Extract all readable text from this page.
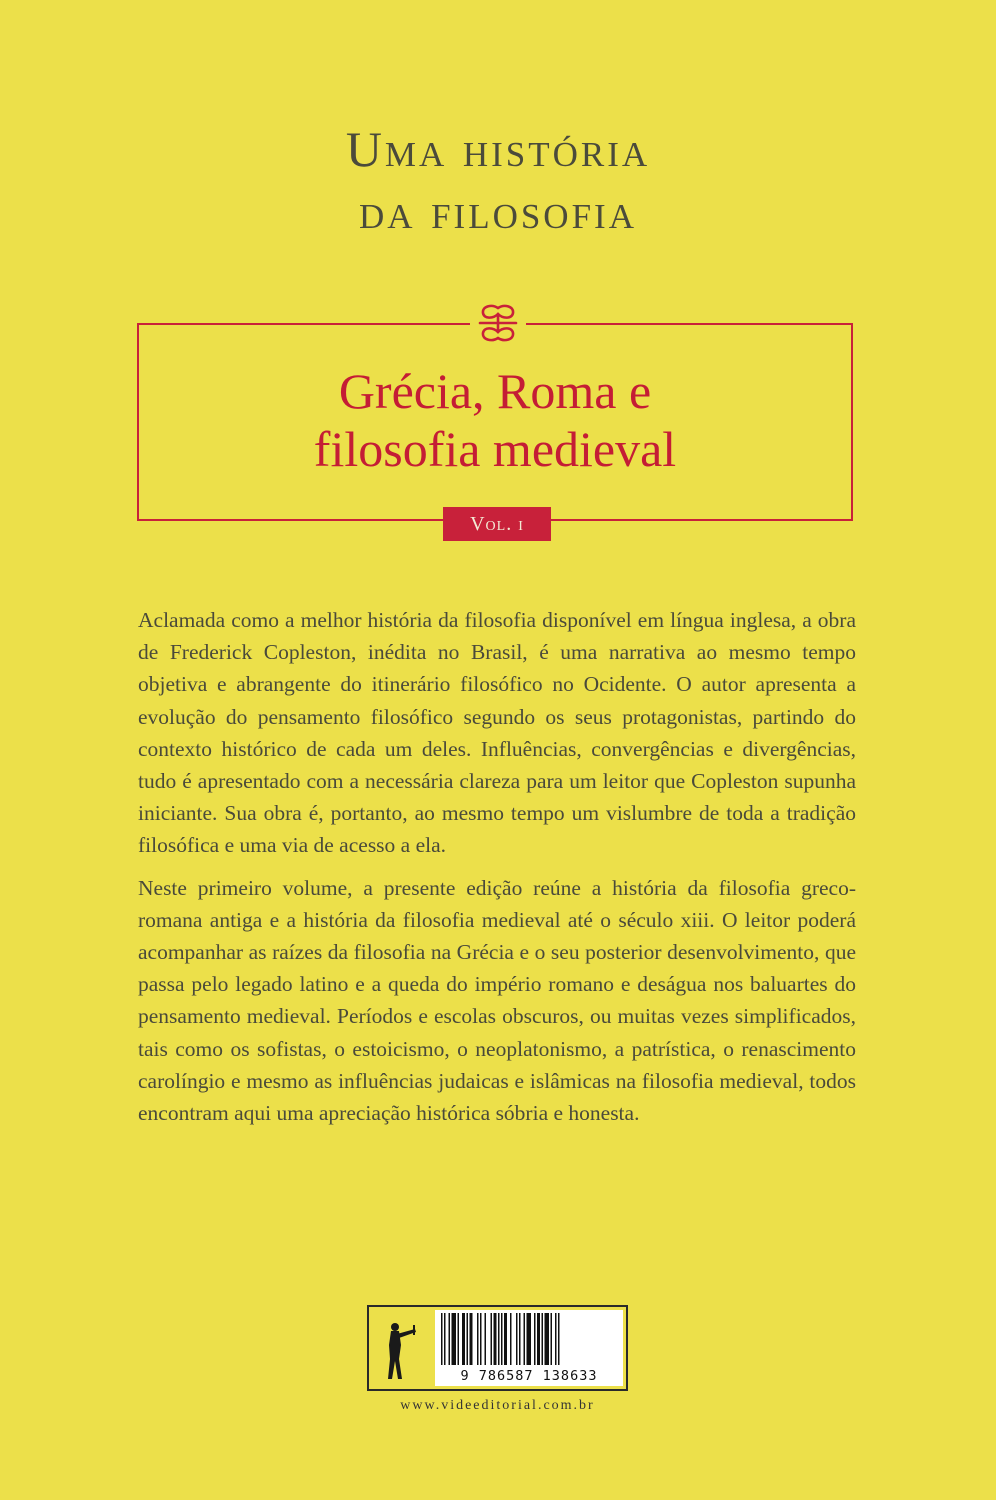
Uma história
da filosofia
Grécia, Roma e
filosofia medieval
Vol. i

Aclamada como a melhor história da filosofia disponível em língua inglesa, a obra de Frederick Copleston, inédita no Brasil, é uma narrativa ao mesmo tempo objetiva e abrangente do itinerário filosófico no Ocidente. O autor apresenta a evolução do pensamento filosófico segundo os seus protagonistas, partindo do contexto histórico de cada um deles. Influências, convergências e divergências, tudo é apresentado com a necessária clareza para um leitor que Copleston supunha iniciante. Sua obra é, portanto, ao mesmo tempo um vislumbre de toda a tradição filosófica e uma via de acesso a ela.

Neste primeiro volume, a presente edição reúne a história da filosofia greco-romana antiga e a história da filosofia medieval até o século xiii. O leitor poderá acompanhar as raízes da filosofia na Grécia e o seu posterior desenvolvimento, que passa pelo legado latino e a queda do império romano e deságua nos baluartes do pensamento medieval. Períodos e escolas obscuros, ou muitas vezes simplificados, tais como os sofistas, o estoicismo, o neoplatonismo, a patrística, o renascimento carolíngio e mesmo as influências judaicas e islâmicas na filosofia medieval, todos encontram aqui uma apreciação histórica sóbria e honesta.

9 786587 138633
www.videeditorial.com.br
